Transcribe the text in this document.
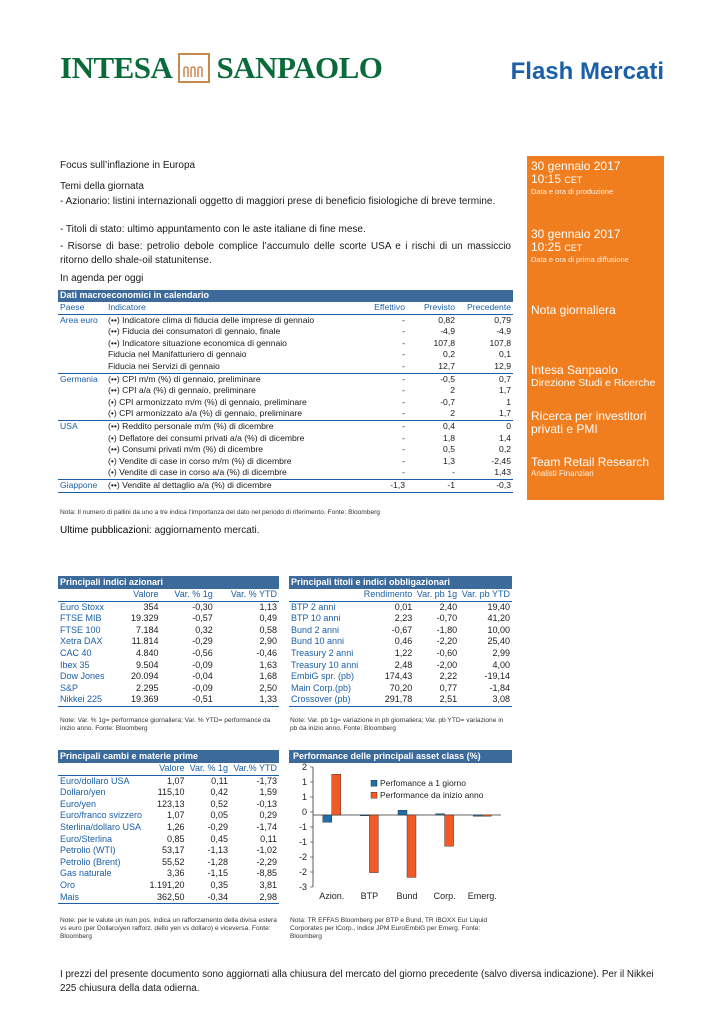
INTESA SANPAOLO	Flash Mercati
30 gennaio 2017
10:15 CET
Data e ora di produzione
30 gennaio 2017
10:25 CET
Data e ora di prima diffusione
Nota giornaliera
Intesa Sanpaolo
Direzione Studi e Ricerche
Ricerca per investitori privati e PMI
Team Retail Research
Analisti Finanziari
Focus sull’inflazione in Europa
Temi della giornata
- Azionario: listini internazionali oggetto di maggiori prese di beneficio fisiologiche di breve termine.
- Titoli di stato: ultimo appuntamento con le aste italiane di fine mese.
- Risorse di base: petrolio debole complice l’accumulo delle scorte USA e i rischi di un massiccio ritorno dello shale-oil statunitense.
In agenda per oggi
Dati macroeconomici in calendario				
Paese	Indicatore	Effettivo	Previsto	Precedente
Area euro	(••) Indicatore clima di fiducia delle imprese di gennaio	-	0,82	0,79
	(••) Fiducia dei consumatori di gennaio, finale	-	-4,9	-4,9
	(••) Indicatore situazione economica di gennaio	-	107,8	107,8
	Fiducia nel Manifatturiero di gennaio	-	0,2	0,1
	Fiducia nei Servizi di gennaio	-	12,7	12,9
Germania	(••) CPI m/m (%) di gennaio, preliminare	-	-0,5	0,7
	(••) CPI a/a (%) di gennaio, preliminare	-	2	1,7
	(•) CPI armonizzato m/m (%) di gennaio, preliminare	-	-0,7	1
	(•) CPI armonizzato a/a (%) di gennaio, preliminare	-	2	1,7
USA	(••) Reddito personale m/m (%) di dicembre	-	0,4	0
	(•) Deflatore dei consumi privati a/a (%) di dicembre	-	1,8	1,4
	(••) Consumi privati m/m (%) di dicembre	-	0,5	0,2
	(•) Vendite di case in corso m/m (%) di dicembre	-	1,3	-2,45
	(•) Vendite di case in corso a/a (%) di dicembre	-	-	1,43
Giappone	(••) Vendite al dettaglio a/a (%) di dicembre	-1,3	-1	-0,3
Nota: Il numero di pallini da uno a tre indica l’importanza del dato nel periodo di riferimento. Fonte: Bloomberg
Ultime pubblicazioni: aggiornamento mercati.
Principali indici azionari			
	Valore	Var. % 1g	Var. % YTD
Euro Stoxx	354	-0,30	1,13
FTSE MIB	19.329	-0,57	0,49
FTSE 100	7.184	0,32	0,58
Xetra DAX	11.814	-0,29	2,90
CAC 40	4.840	-0,56	-0,46
Ibex 35	9.504	-0,09	1,63
Dow Jones	20.094	-0,04	1,68
S&P	2.295	-0,09	2,50
Nikkei 225	19.369	-0,51	1,33
Note: Var. % 1g= performance giornaliera; Var. % YTD= performance da inizio anno. Fonte: Bloomberg
Principali titoli e indici obbligazionari			
	Rendimento	Var. pb 1g	Var. pb YTD
BTP 2 anni	0,01	2,40	19,40
BTP 10 anni	2,23	-0,70	41,20
Bund 2 anni	-0,67	-1,80	10,00
Bund 10 anni	0,46	-2,20	25,40
Treasury 2 anni	1,22	-0,60	2,99
Treasury 10 anni	2,48	-2,00	4,00
EmbiG spr. (pb)	174,43	2,22	-19,14
Main Corp.(pb)	70,20	0,77	-1,84
Crossover (pb)	291,78	2,51	3,08
Note: Var. pb 1g= variazione in pb giornaliera; Var. pb YTD= variazione in pb da inizio anno. Fonte: Bloomberg
Principali cambi e materie prime			
	Valore	Var. % 1g	Var.% YTD
Euro/dollaro USA	1,07	0,11	-1,73
Dollaro/yen	115,10	0,42	1,59
Euro/yen	123,13	0,52	-0,13
Euro/franco svizzero	1,07	0,05	0,29
Sterlina/dollaro USA	1,26	-0,29	-1,74
Euro/Sterlina	0,85	0,45	0,11
Petrolio (WTI)	53,17	-1,13	-1,02
Petrolio (Brent)	55,52	-1,28	-2,29
Gas naturale	3,36	-1,15	-8,85
Oro	1.191,20	0,35	3,81
Mais	362,50	-0,34	2,98
Note: per le valute un num pos. indica un rafforzamento della divisa estera vs euro (per Dollaro/yen rafforz. dello yen vs dollaro) e viceversa. Fonte: Bloomberg
Performance delle principali asset class (%)
2
1
1
0
-1
-1
-2
-2
-3
Azion. BTP Bund Corp. Emerg.
Perfomance a 1 giorno
Performance da inizio anno
Nota: TR EFFAS Bloomberg per BTP e Bund, TR IBOXX Eur Liquid Corporates per lCorp., indice JPM EuroEmbiG per Emerg. Fonte: Bloomberg
I prezzi del presente documento sono aggiornati alla chiusura del mercato del giorno precedente (salvo diversa indicazione). Per il Nikkei 225 chiusura della data odierna.
